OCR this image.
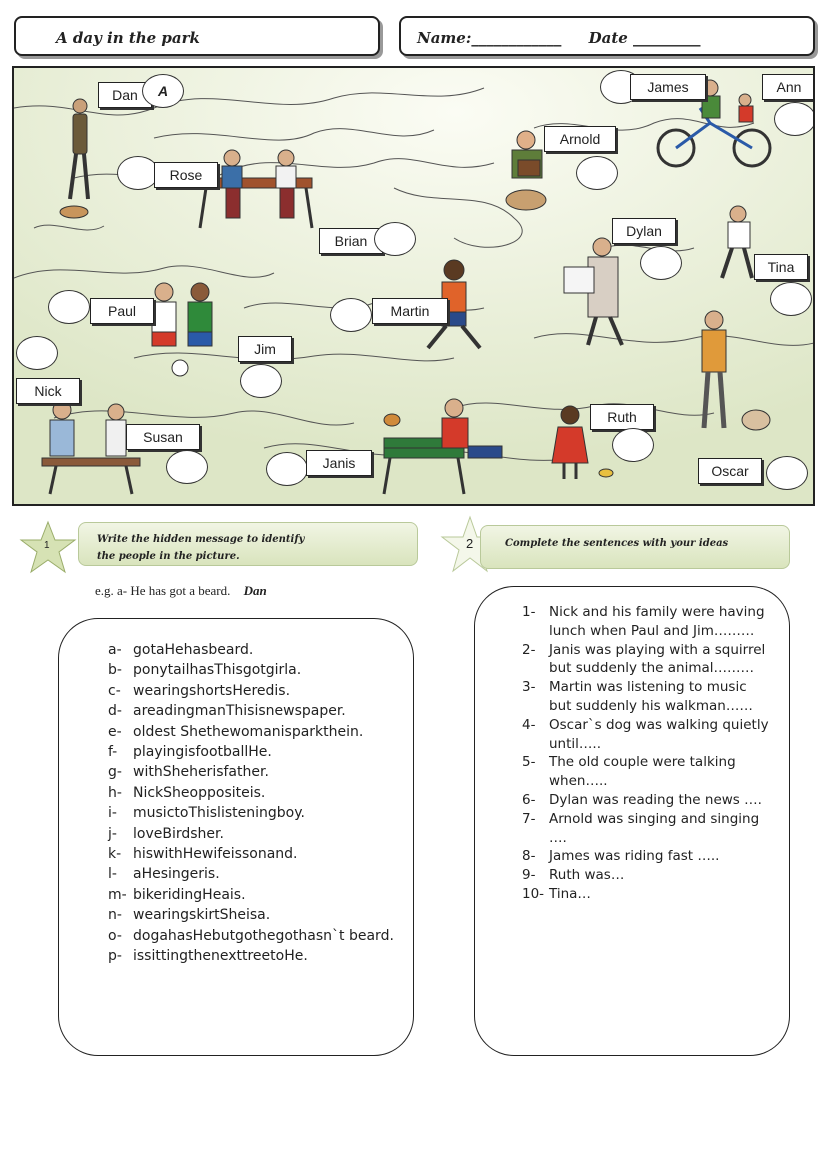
A day in the park	Name:____________ Date _________
Dan	A	James	Ann
Rose
Arnold
Brian
Dylan
Tina
Paul	Martin
Jim
Nick
Susan
Ruth
Janis	Oscar
1
Write the hidden message to identify
the people in the picture.
e.g. a- He has got a beard. Dan
2	Complete the sentences with your ideas
a- gotaHehasbeard.
b- ponytailhasThisgotgirla.
c- wearingshortsHeredis.
d- areadingmanThisisnewspaper.
e- oldest Shethewomanisparkthein.
f- playingisfootballHe.
g- withSheherisfather.
h- NickSheoppositeis.
i- musictoThislisteningboy.
j- loveBirdsher.
k- hiswithHewifeissonand.
l- aHesingeris.
m- bikeridingHeais.
n- wearingskirtSheisa.
o- dogahasHebutgothegothasn`t beard.
p- issittingthenexttreetoHe.
1- Nick and his family were having lunch when Paul and Jim………
2- Janis was playing with a squirrel but suddenly the animal………
3- Martin was listening to music but suddenly his walkman……
4- Oscar`s dog was walking quietly until…..
5- The old couple were talking when…..
6- Dylan was reading the news ….
7- Arnold was singing and singing ….
8- James was riding fast …..
9- Ruth was…
10- Tina…
